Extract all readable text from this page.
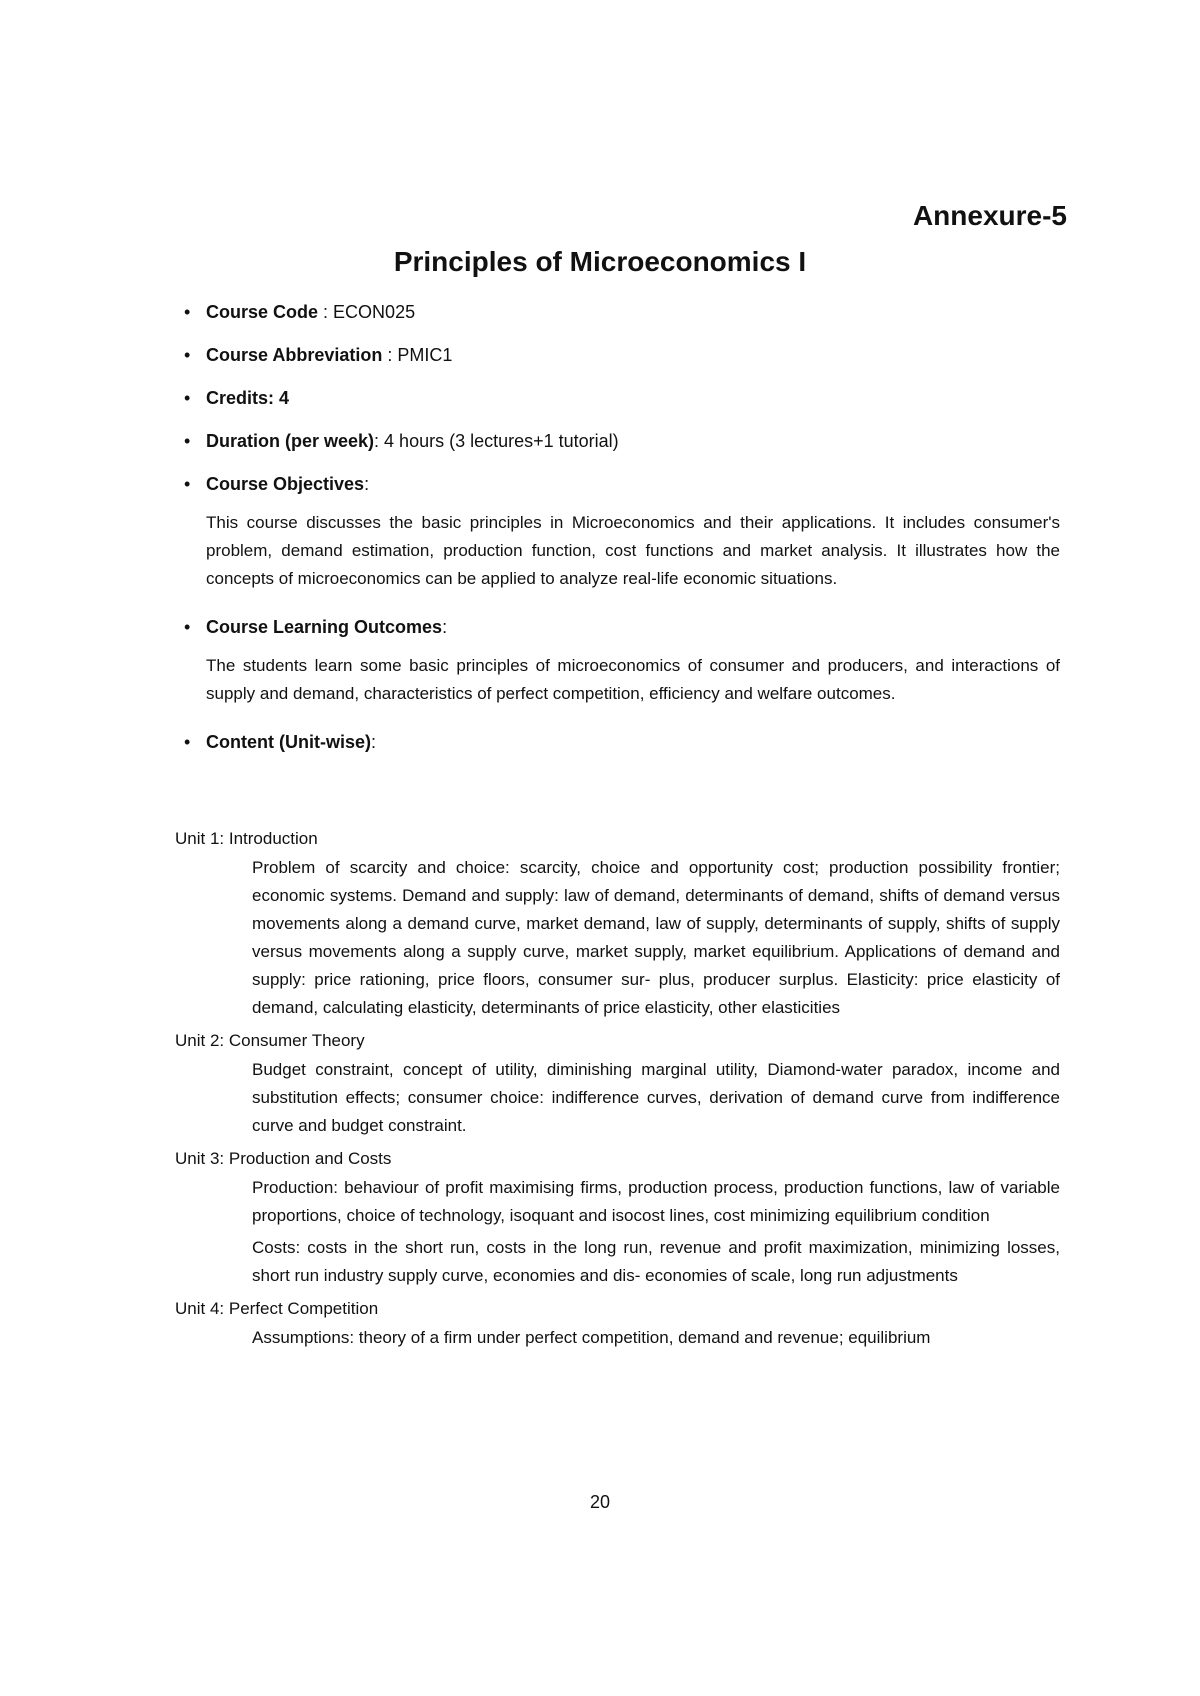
Annexure-5
Principles of Microeconomics I
• Course Code : ECON025
• Course Abbreviation : PMIC1
• Credits: 4
• Duration (per week): 4 hours (3 lectures+1 tutorial)
• Course Objectives:

This course discusses the basic principles in Microeconomics and their applications. It includes consumer's problem, demand estimation, production function, cost functions and market analysis. It illustrates how the concepts of microeconomics can be applied to analyze real-life economic situations.

• Course Learning Outcomes:

The students learn some basic principles of microeconomics of consumer and producers, and interactions of supply and demand, characteristics of perfect competition, efficiency and welfare outcomes.

• Content (Unit-wise):

Unit 1: Introduction

Problem of scarcity and choice: scarcity, choice and opportunity cost; production possibility frontier; economic systems. Demand and supply: law of demand, determinants of demand, shifts of demand versus movements along a demand curve, market demand, law of supply, determinants of supply, shifts of supply versus movements along a supply curve, market supply, market equilibrium. Applications of demand and supply: price rationing, price floors, consumer sur- plus, producer surplus. Elasticity: price elasticity of demand, calculating elasticity, determinants of price elasticity, other elasticities

Unit 2: Consumer Theory

Budget constraint, concept of utility, diminishing marginal utility, Diamond-water paradox, income and substitution effects; consumer choice: indifference curves, derivation of demand curve from indifference curve and budget constraint.

Unit 3: Production and Costs

Production: behaviour of profit maximising firms, production process, production functions, law of variable proportions, choice of technology, isoquant and isocost lines, cost minimizing equilibrium condition

Costs: costs in the short run, costs in the long run, revenue and profit maximization, minimizing losses, short run industry supply curve, economies and dis- economies of scale, long run adjustments

Unit 4: Perfect Competition

Assumptions: theory of a firm under perfect competition, demand and revenue; equilibrium

20
